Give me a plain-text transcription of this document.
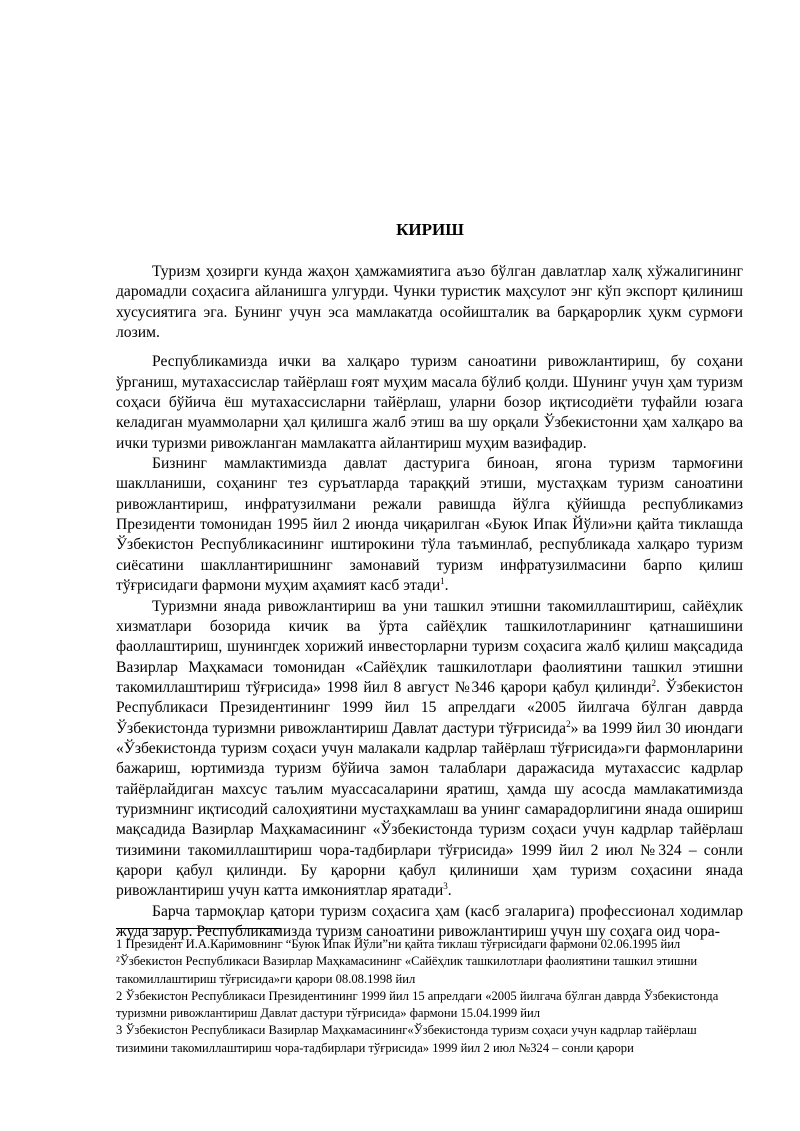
КИРИШ

Туризм ҳозирги кунда жаҳон ҳамжамиятига аъзо бўлган давлатлар халқ хўжалигининг даромадли соҳасига айланишга улгурди. Чунки туристик маҳсулот энг кўп экспорт қилиниш хусусиятига эга. Бунинг учун эса мамлакатда осойишталик ва барқарорлик ҳукм сурмоғи лозим.

Республикамизда ички ва халқаро туризм саноатини ривожлантириш, бу соҳани ўрганиш, мутахассислар тайёрлаш ғоят муҳим масала бўлиб қолди. Шунинг учун ҳам туризм соҳаси бўйича ёш мутахассисларни тайёрлаш, уларни бозор иқтисодиёти туфайли юзага келадиган муаммоларни ҳал қилишга жалб этиш ва шу орқали Ўзбекистонни ҳам халқаро ва ички туризми ривожланган мамлакатга айлантириш муҳим вазифадир.

Бизнинг мамлактимизда давлат дастурига биноан, ягона туризм тармоғини шаклланиши, соҳанинг тез суръатларда тараққий этиши, мустаҳкам туризм саноатини ривожлантириш, инфратузилмани режали равишда йўлга қўйишда республикамиз Президенти томонидан 1995 йил 2 июнда чиқарилган «Буюк Ипак Йўли»ни қайта тиклашда Ўзбекистон Республикасининг иштирокини тўла таъминлаб, республикада халқаро туризм сиёсатини шакллантиришнинг замонавий туризм инфратузилмасини барпо қилиш тўғрисидаги фармони муҳим аҳамият касб этади$^1$.

Туризмни янада ривожлантириш ва уни ташкил этишни такомиллаштириш, сайёҳлик хизматлари бозорида кичик ва ўрта сайёҳлик ташкилотларининг қатнашишини фаоллаштириш, шунингдек хорижий инвесторларни туризм соҳасига жалб қилиш мақсадида Вазирлар Маҳкамаси томонидан «Сайёҳлик ташкилотлари фаолиятини ташкил этишни такомиллаштириш тўғрисида» 1998 йил 8 август №346 қарори қабул қилинди$^2$. Ўзбекистон Республикаси Президентининг 1999 йил 15 апрелдаги «2005 йилгача бўлган даврда Ўзбекистонда туризмни ривожлантириш Давлат дастури тўғрисида$^2$» ва 1999 йил 30 июндаги «Ўзбекистонда туризм соҳаси учун малакали кадрлар тайёрлаш тўғрисида»ги фармонларини бажариш, юртимизда туризм бўйича замон талаблари даражасида мутахассис кадрлар тайёрлайдиган махсус таълим муассасаларини яратиш, ҳамда шу асосда мамлакатимизда туризмнинг иқтисодий салоҳиятини мустаҳкамлаш ва унинг самарадорлигини янада ошириш мақсадида Вазирлар Маҳкамасининг «Ўзбекистонда туризм соҳаси учун кадрлар тайёрлаш тизимини такомиллаштириш чора-тадбирлари тўғрисида» 1999 йил 2 июл №324 – сонли қарори қабул қилинди. Бу қарорни қабул қилиниши ҳам туризм соҳасини янада ривожлантириш учун катта имкониятлар яратади$^3$.

Барча тармоқлар қатори туризм соҳасига ҳам (касб эгаларига) профессионал ходимлар жуда зарур. Республикамизда туризм саноатини ривожлантириш учун шу соҳага оид чора-

1 Президент И.А.Каримовнинг “Буюк Ипак Йўли”ни қайта тиклаш тўғрисидаги фармони 02.06.1995 йил
²Ўзбекистон Республикаси Вазирлар Маҳкамасининг «Сайёҳлик ташкилотлари фаолиятини ташкил этишни такомиллаштириш тўғрисида»ги қарори 08.08.1998 йил
2 Ўзбекистон Республикаси Президентининг 1999 йил 15 апрелдаги «2005 йилгача бўлган даврда Ўзбекистонда туризмни ривожлантириш Давлат дастури тўғрисида» фармони 15.04.1999 йил
3 Ўзбекистон Республикаси Вазирлар Маҳкамасининг«Ўзбекистонда туризм соҳаси учун кадрлар тайёрлаш тизимини такомиллаштириш чора-тадбирлари тўғрисида» 1999 йил 2 июл №324 – сонли қарори
